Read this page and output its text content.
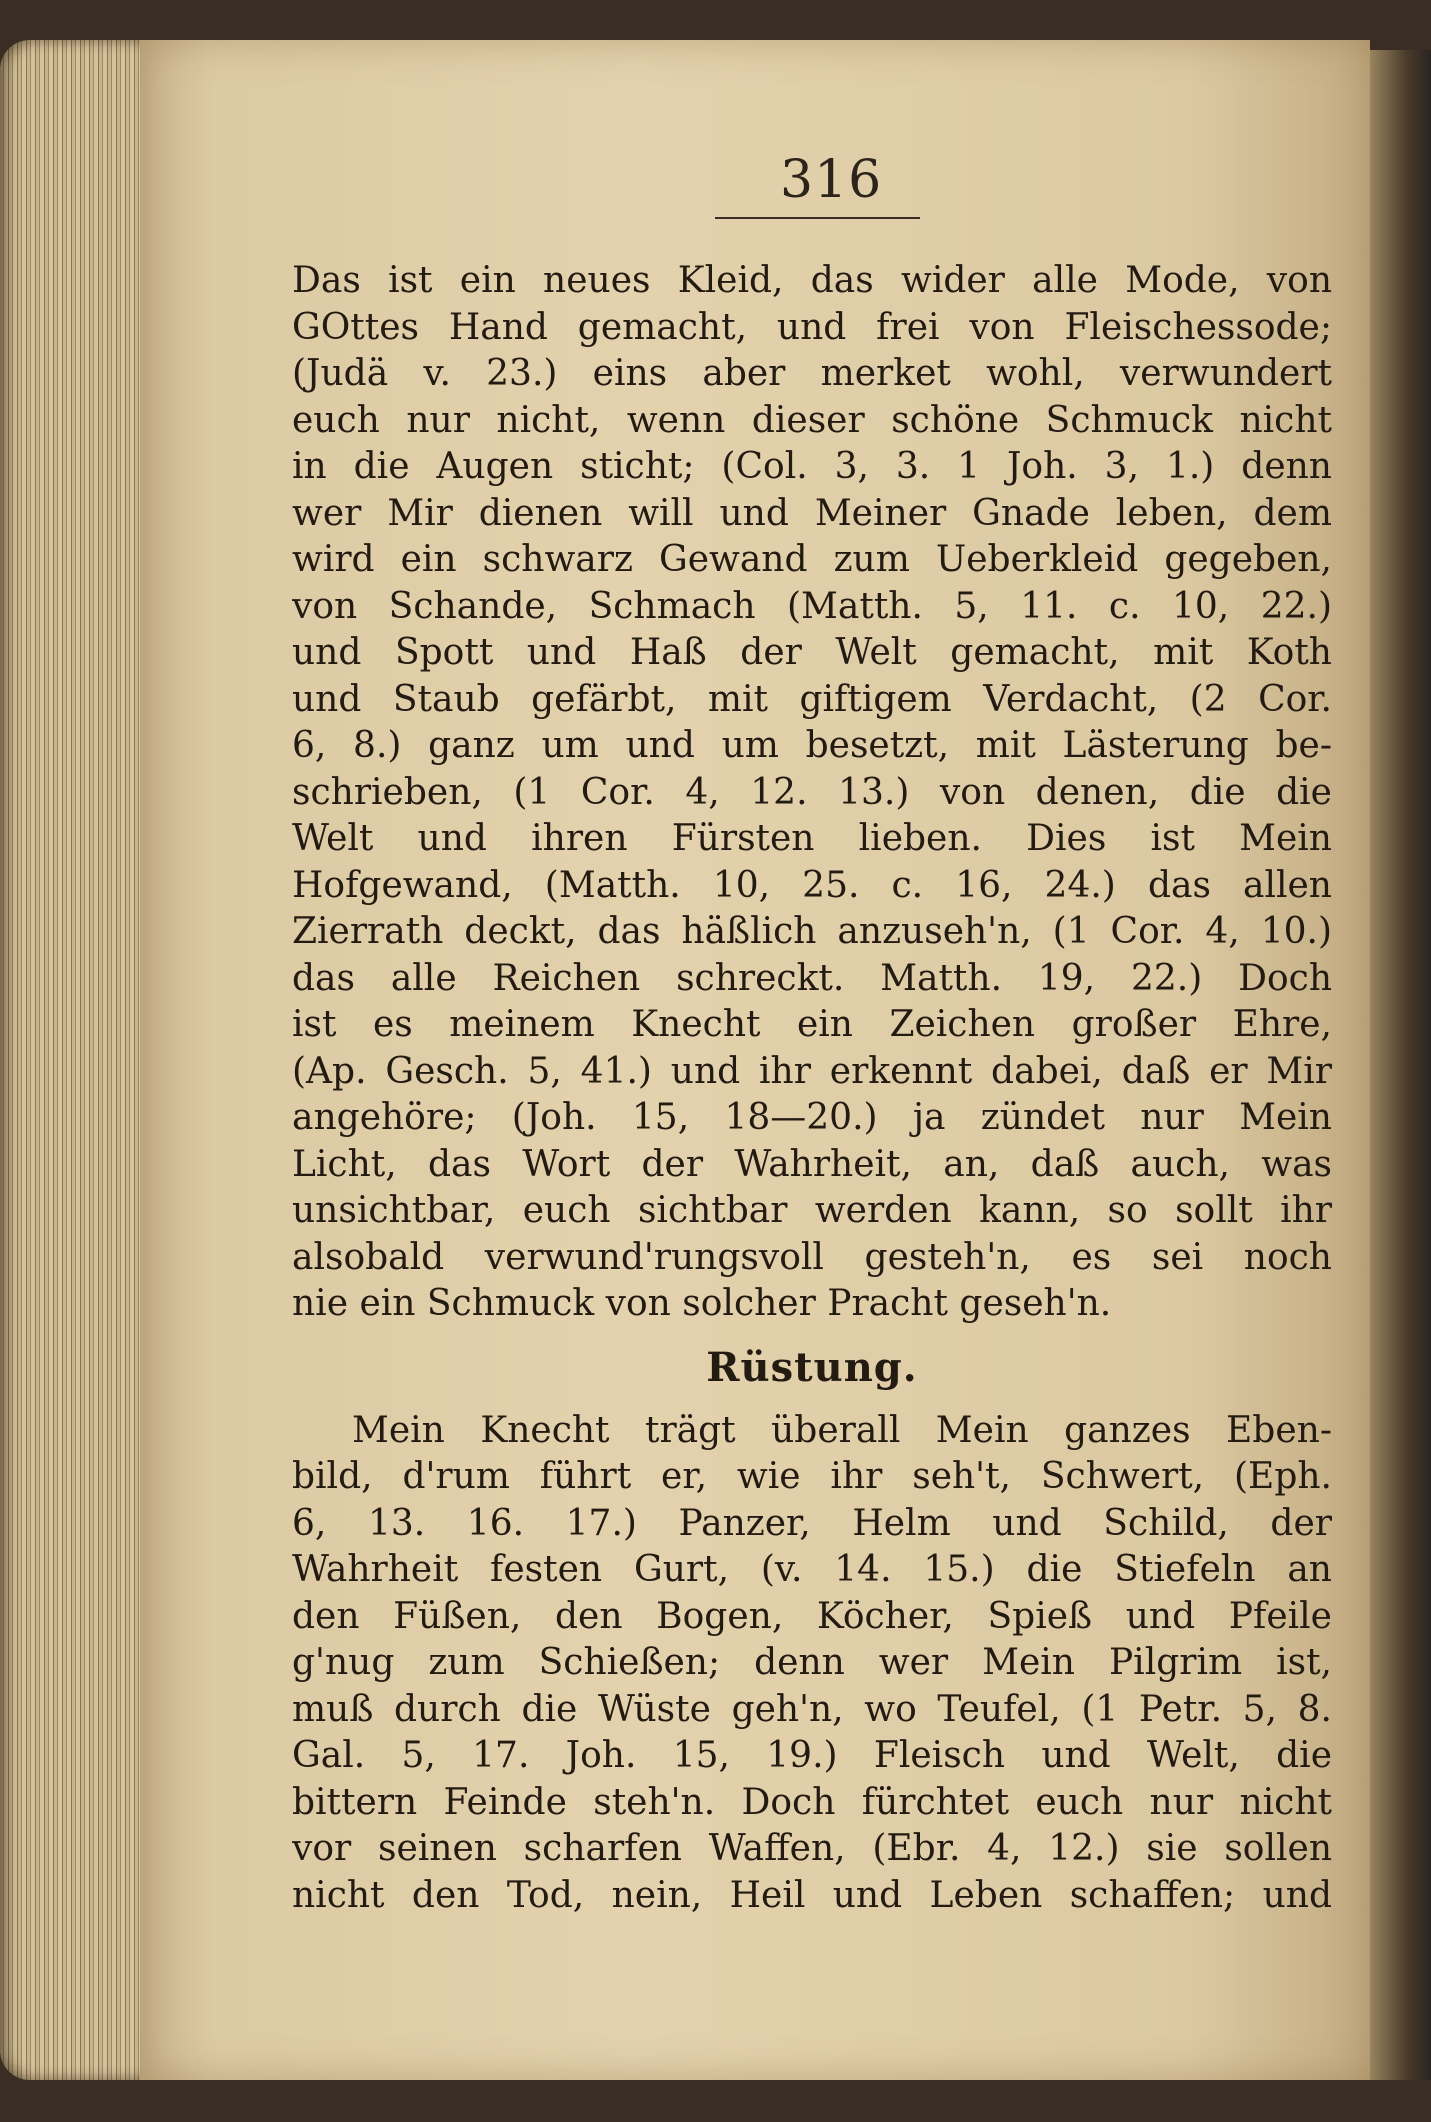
316
Das ist ein neues Kleid, das wider alle Mode, von
GOttes Hand gemacht, und frei von Fleischessode;
(Judä v. 23.) eins aber merket wohl, verwundert
euch nur nicht, wenn dieser schöne Schmuck nicht
in die Augen sticht; (Col. 3, 3. 1 Joh. 3, 1.) denn
wer Mir dienen will und Meiner Gnade leben, dem
wird ein schwarz Gewand zum Ueberkleid gegeben,
von Schande, Schmach (Matth. 5, 11. c. 10, 22.)
und Spott und Haß der Welt gemacht, mit Koth
und Staub gefärbt, mit giftigem Verdacht, (2 Cor.
6, 8.) ganz um und um besetzt, mit Lästerung be-
schrieben, (1 Cor. 4, 12. 13.) von denen, die die
Welt und ihren Fürsten lieben. Dies ist Mein
Hofgewand, (Matth. 10, 25. c. 16, 24.) das allen
Zierrath deckt, das häßlich anzuseh'n, (1 Cor. 4, 10.)
das alle Reichen schreckt. Matth. 19, 22.) Doch
ist es meinem Knecht ein Zeichen großer Ehre,
(Ap. Gesch. 5, 41.) und ihr erkennt dabei, daß er Mir
angehöre; (Joh. 15, 18—20.) ja zündet nur Mein
Licht, das Wort der Wahrheit, an, daß auch, was
unsichtbar, euch sichtbar werden kann, so sollt ihr
alsobald verwund'rungsvoll gesteh'n, es sei noch
nie ein Schmuck von solcher Pracht geseh'n.
Rüstung.
Mein Knecht trägt überall Mein ganzes Eben-
bild, d'rum führt er, wie ihr seh't, Schwert, (Eph.
6, 13. 16. 17.) Panzer, Helm und Schild, der
Wahrheit festen Gurt, (v. 14. 15.) die Stiefeln an
den Füßen, den Bogen, Köcher, Spieß und Pfeile
g'nug zum Schießen; denn wer Mein Pilgrim ist,
muß durch die Wüste geh'n, wo Teufel, (1 Petr. 5, 8.
Gal. 5, 17. Joh. 15, 19.) Fleisch und Welt, die
bittern Feinde steh'n. Doch fürchtet euch nur nicht
vor seinen scharfen Waffen, (Ebr. 4, 12.) sie sollen
nicht den Tod, nein, Heil und Leben schaffen; und
